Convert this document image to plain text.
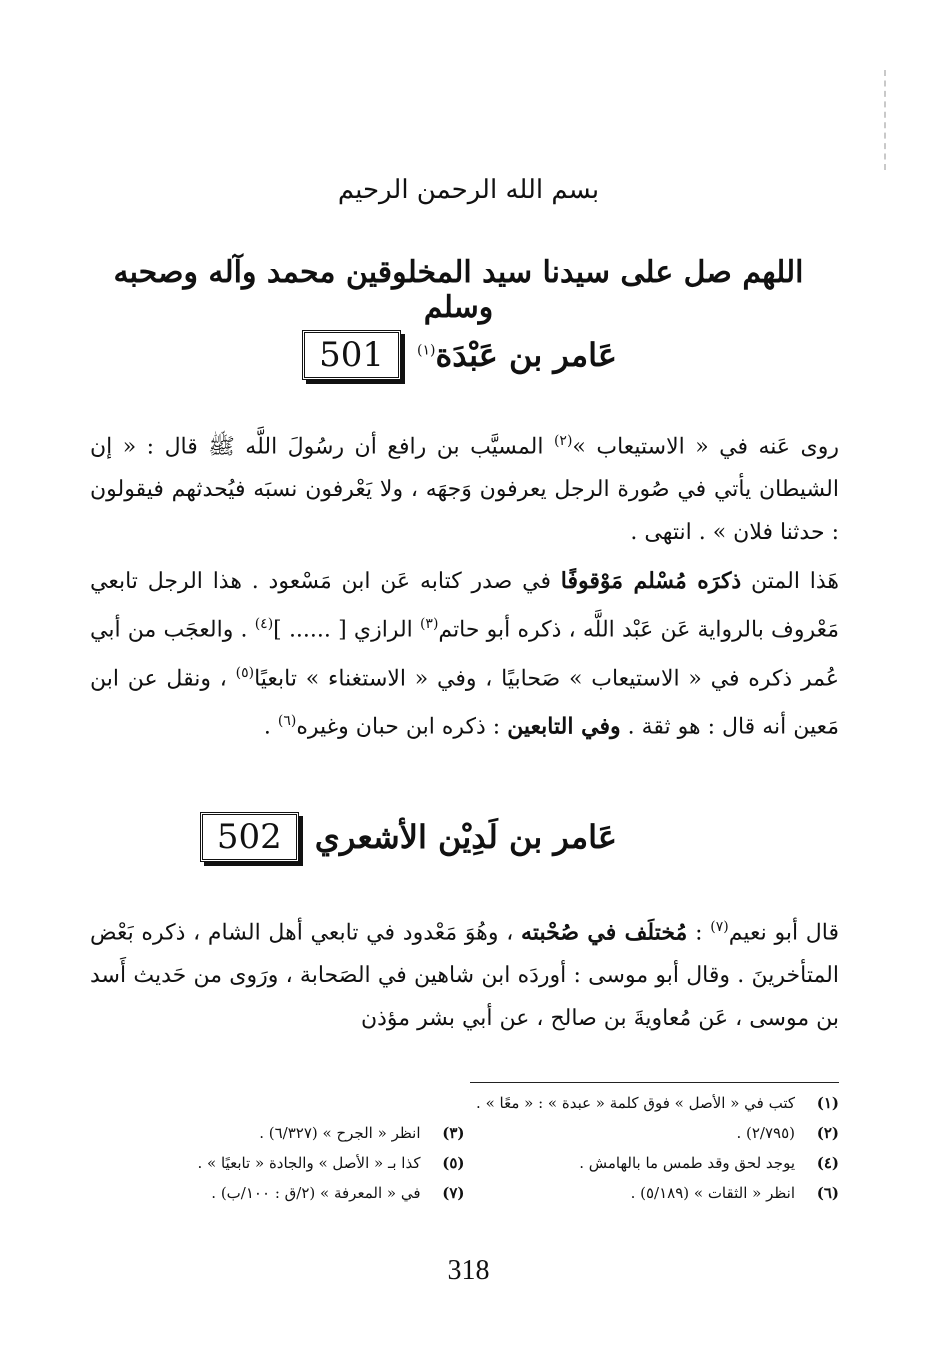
بسم الله الرحمن الرحيم
اللهم صل على سيدنا سيد المخلوقين محمد وآله وصحبه وسلم
501	عَامر بن عَبْدَة$^{(١)}$

روى عَنه في « الاستيعاب »$^{(٢)}$ المسيَّب بن رافع أن رسُولَ اللَّه ﷺ قال : « إن الشيطان يأتي في صُورة الرجل يعرفون وَجهَه ، ولا يَعْرفون نسبَه فيُحدثهم فيقولون : حدثنا فلان » . انتهى .

هَذا المتن ذكرَه مُسْلم مَوْقوفًا في صدر كتابه عَن ابن مَسْعود . هذا الرجل تابعي مَعْروف بالرواية عَن عَبْد اللَّه ، ذكره أبو حاتم$^{(٣)}$ الرازي [ ...... ]$^{(٤)}$ . والعجَب من أبي عُمر ذكره في « الاستيعاب » صَحابيًا ، وفي « الاستغناء » تابعيًا$^{(٥)}$ ، ونقل عن ابن مَعين أنه قال : هو ثقة . وفي التابعين : ذكره ابن حبان وغيره$^{(٦)}$ .

502	عَامر بن لَدِيْن الأشعري

قال أبو نعيم$^{(٧)}$ : مُختلَف في صُحْبته ، وهُوَ مَعْدود في تابعي أهل الشام ، ذكره بَعْض المتأخرينَ . وقال أبو موسى : أوردَه ابن شاهين في الصَحابة ، ورَوى من حَديث أَسد بن موسى ، عَن مُعاويةَ بن صالح ، عن أبي بشر مؤذن

(١)
كتب في « الأصل » فوق كلمة « عبدة » : « معًا » .
(٢)
(٢/٧٩٥) .
(٣)
انظر « الجرح » (٦/٣٢٧) .
(٤)
يوجد لحق وقد طمس ما بالهامش .
(٥)
كذا بـ « الأصل » والجادة « تابعيًا » .
(٦)
انظر « الثقات » (٥/١٨٩) .
(٧)
في « المعرفة » (٢/ق : ١٠٠/ب) .
318
